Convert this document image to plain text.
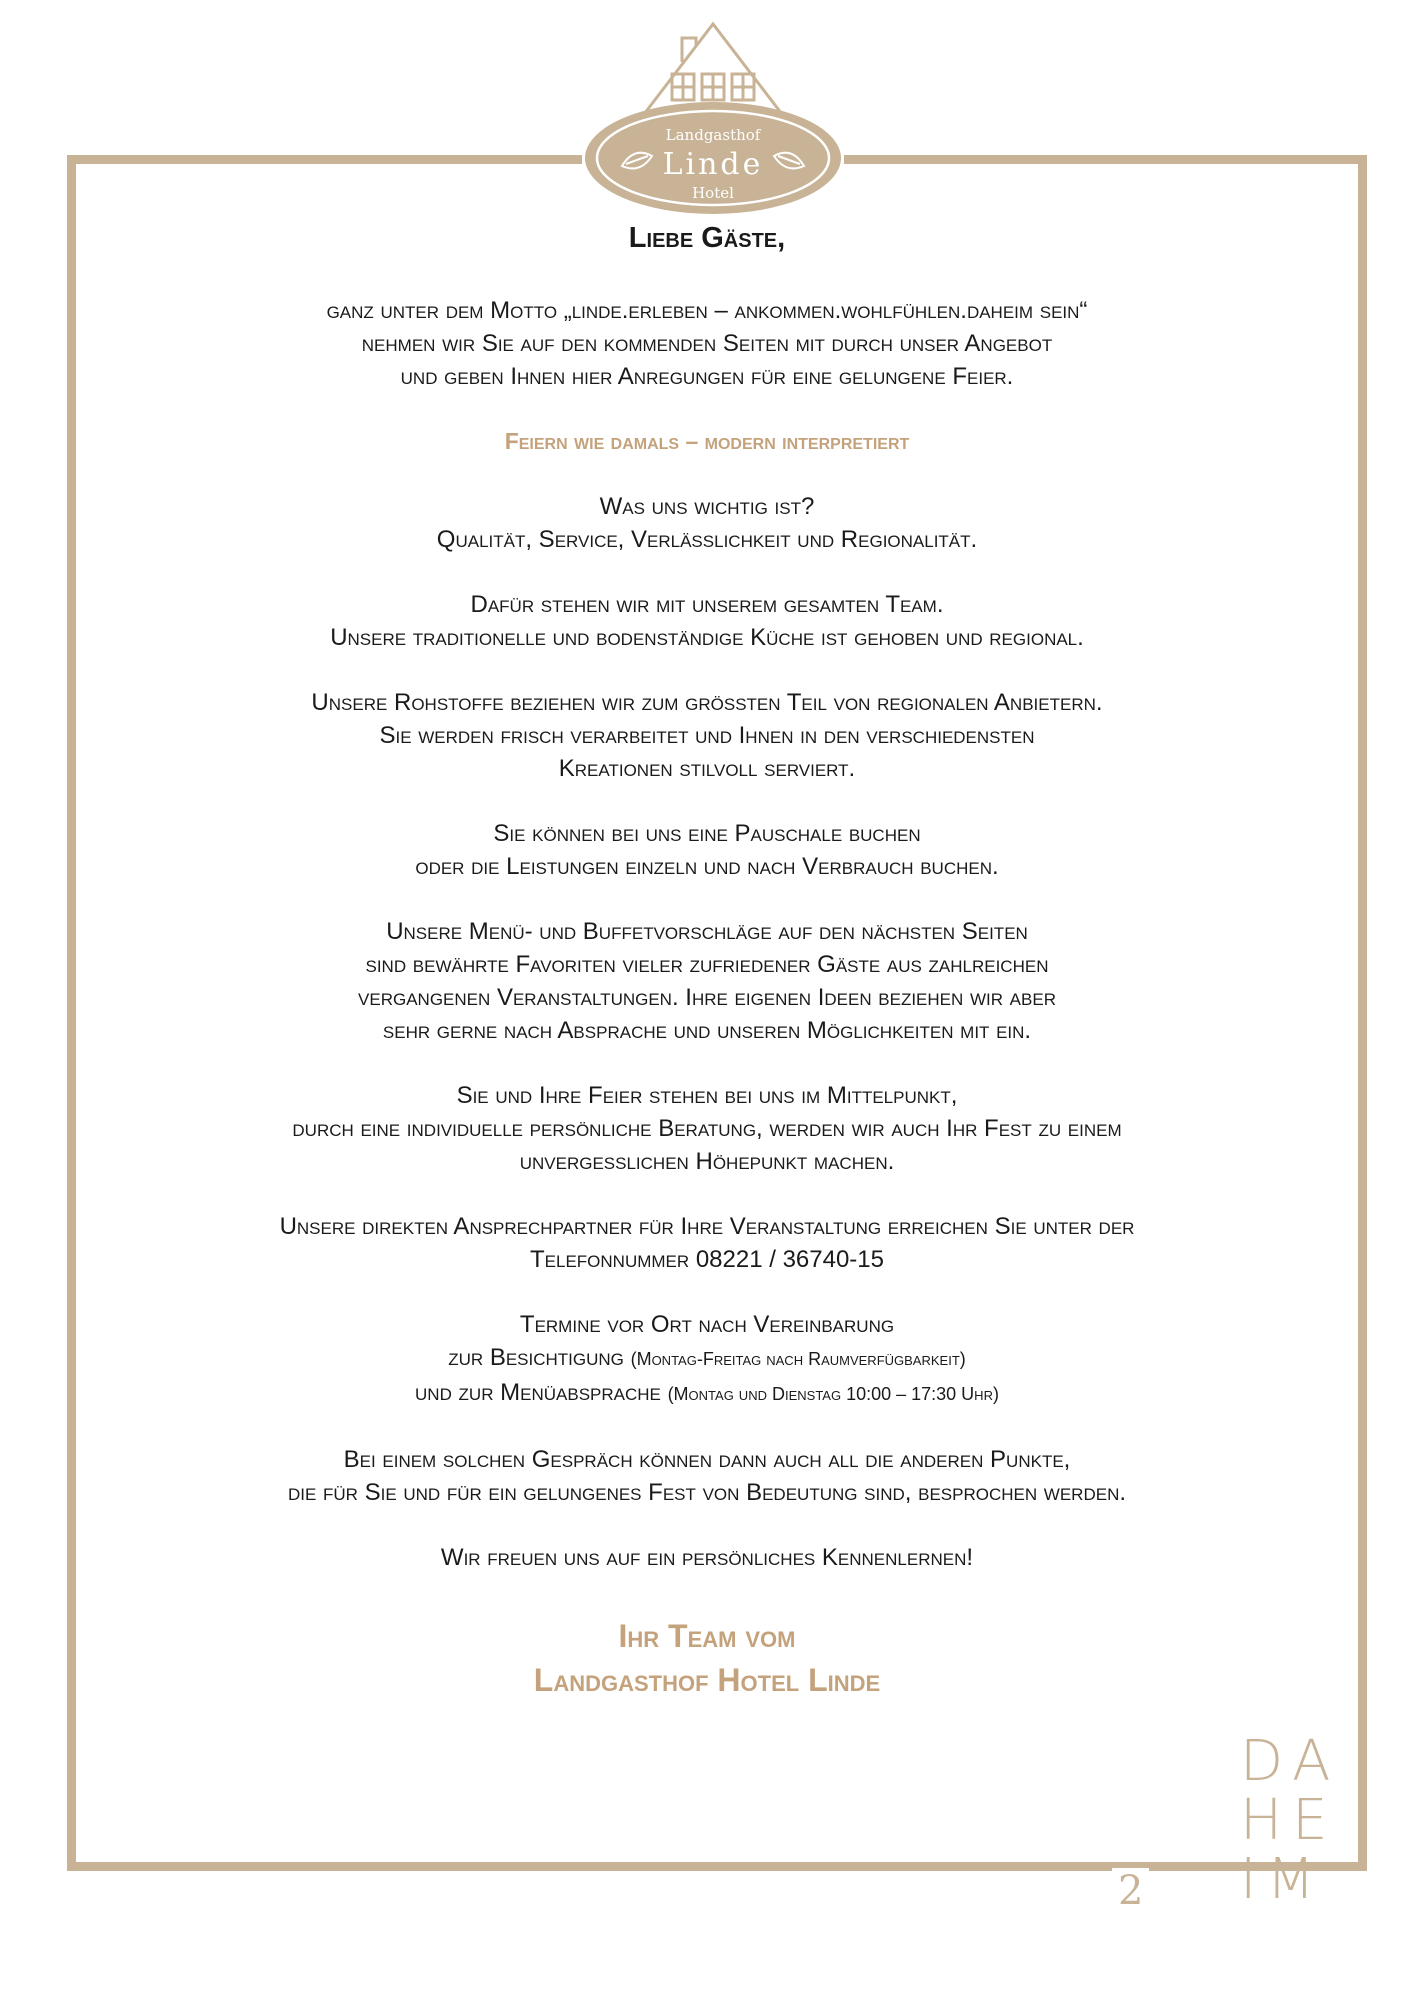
Landgasthof
Linde
Hotel
Liebe Gäste,
ganz unter dem Motto „linde.erleben – ankommen.wohlfühlen.daheim sein“
nehmen wir Sie auf den kommenden Seiten mit durch unser Angebot
und geben Ihnen hier Anregungen für eine gelungene Feier.
Feiern wie damals – modern interpretiert
Was uns wichtig ist?
Qualität, Service, Verlässlichkeit und Regionalität.
Dafür stehen wir mit unserem gesamten Team.
Unsere traditionelle und bodenständige Küche ist gehoben und regional.
Unsere Rohstoffe beziehen wir zum größten Teil von regionalen Anbietern.
Sie werden frisch verarbeitet und Ihnen in den verschiedensten
Kreationen stilvoll serviert.
Sie können bei uns eine Pauschale buchen
oder die Leistungen einzeln und nach Verbrauch buchen.
Unsere Menü- und Buffetvorschläge auf den nächsten Seiten
sind bewährte Favoriten vieler zufriedener Gäste aus zahlreichen
vergangenen Veranstaltungen. Ihre eigenen Ideen beziehen wir aber
sehr gerne nach Absprache und unseren Möglichkeiten mit ein.
Sie und Ihre Feier stehen bei uns im Mittelpunkt,
durch eine individuelle persönliche Beratung, werden wir auch Ihr Fest zu einem
unvergesslichen Höhepunkt machen.
Unsere direkten Ansprechpartner für Ihre Veranstaltung erreichen Sie unter der
Telefonnummer 08221 / 36740-15
Termine vor Ort nach Vereinbarung
zur Besichtigung (Montag-Freitag nach Raumverfügbarkeit)
und zur Menüabsprache (Montag und Dienstag 10:00 – 17:30 Uhr)
Bei einem solchen Gespräch können dann auch all die anderen Punkte,
die für Sie und für ein gelungenes Fest von Bedeutung sind, besprochen werden.
Wir freuen uns auf ein persönliches Kennenlernen!
Ihr Team vom
Landgasthof Hotel Linde
DA
HE
IM
2
